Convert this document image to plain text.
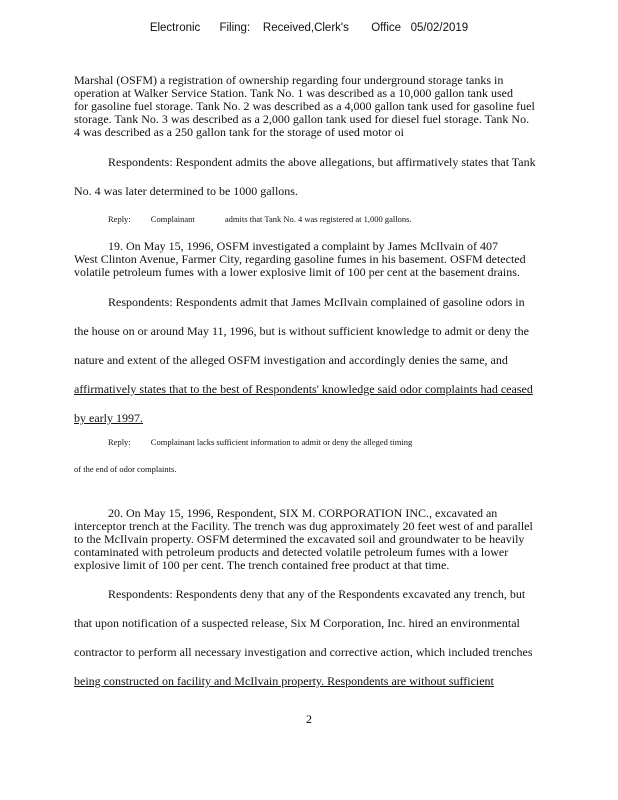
Electronic      Filing:    Received,Clerk's       Office   05/02/2019
Marshal (OSFM) a registration of ownership regarding four underground storage tanks in
operation at Walker Service Station. Tank No. 1 was described as a 10,000 gallon tank used
for gasoline fuel storage. Tank No. 2 was described as a 4,000 gallon tank used for gasoline fuel
storage. Tank No. 3 was described as a 2,000 gallon tank used for diesel fuel storage. Tank No.
4 was described as a 250 gallon tank for the storage of used motor oi
Respondents: Respondent admits the above allegations, but affirmatively states that Tank
No. 4 was later determined to be 1000 gallons.
Reply: Complainant	admits that Tank No. 4 was registered at 1,000 gallons.
19. On May 15, 1996, OSFM investigated a complaint by James McIlvain of 407
West Clinton Avenue, Farmer City, regarding gasoline fumes in his basement. OSFM detected
volatile petroleum fumes with a lower explosive limit of 100 per cent at the basement drains.
Respondents: Respondents admit that James McIlvain complained of gasoline odors in
the house on or around May 11, 1996, but is without sufficient knowledge to admit or deny the
nature and extent of the alleged OSFM investigation and accordingly denies the same, and
affirmatively states that to the best of Respondents' knowledge said odor complaints had ceased
by early 1997.
Reply: Complainant lacks sufficient information to admit or deny the alleged timing
of the end of odor complaints.
20. On May 15, 1996, Respondent, SIX M. CORPORATION INC., excavated an
interceptor trench at the Facility. The trench was dug approximately 20 feet west of and parallel
to the McIlvain property. OSFM determined the excavated soil and groundwater to be heavily
contaminated with petroleum products and detected volatile petroleum fumes with a lower
explosive limit of 100 per cent. The trench contained free product at that time.
Respondents: Respondents deny that any of the Respondents excavated any trench, but
that upon notification of a suspected release, Six M Corporation, Inc. hired an environmental
contractor to perform all necessary investigation and corrective action, which included trenches
being constructed on facility and McIlvain property. Respondents are without sufficient
2
